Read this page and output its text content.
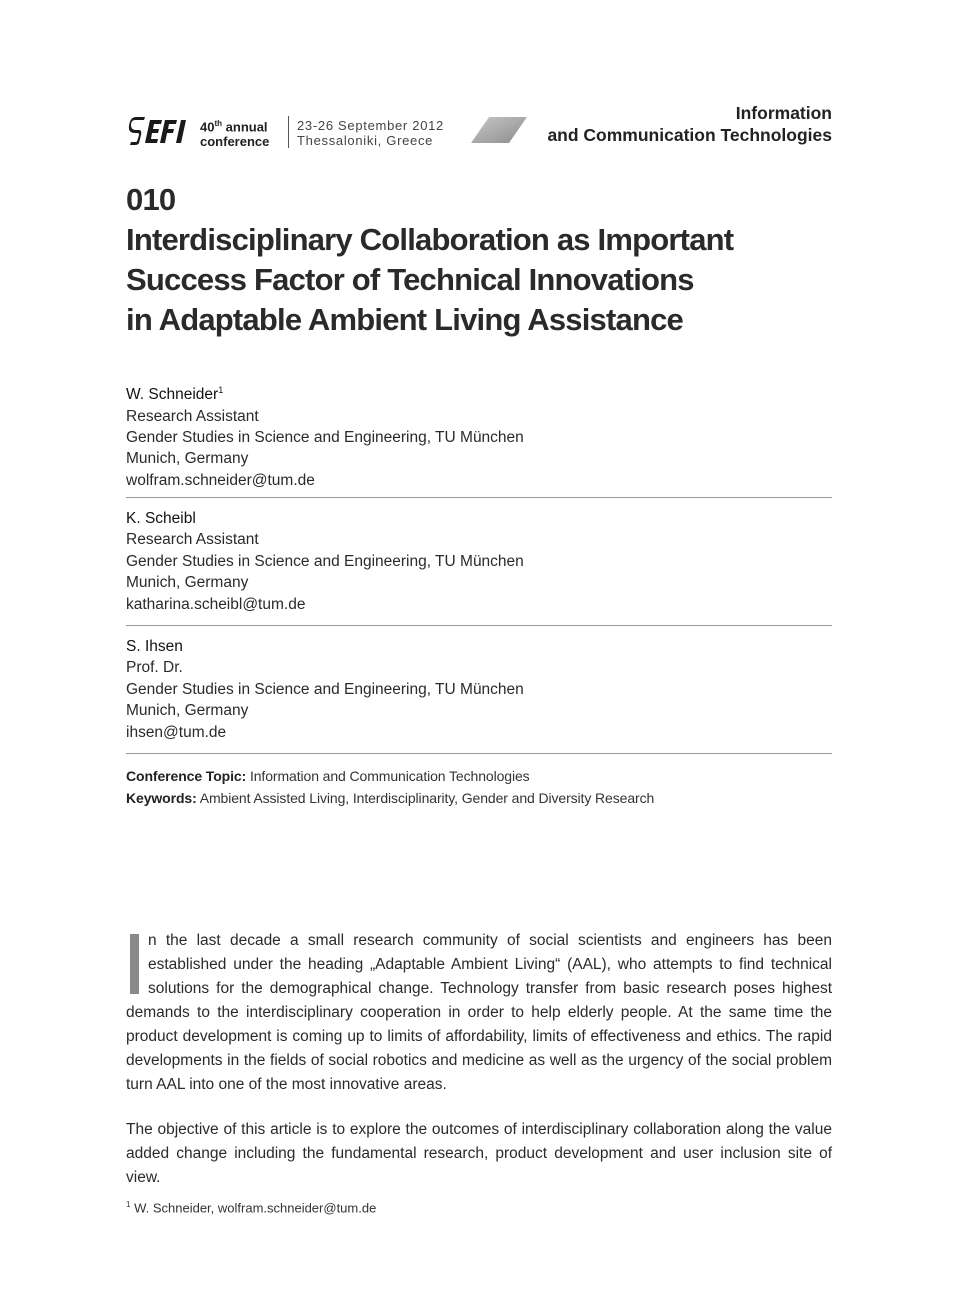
40th annual
conference
23-26 September 2012
Thessaloniki, Greece
Information
and Communication Technologies
010
Interdisciplinary Collaboration as Important
Success Factor of Technical Innovations
in Adaptable Ambient Living Assistance
W. Schneider$^1$
Research Assistant
Gender Studies in Science and Engineering, TU München
Munich, Germany
wolfram.schneider@tum.de
K. Scheibl
Research Assistant
Gender Studies in Science and Engineering, TU München
Munich, Germany
katharina.scheibl@tum.de
S. Ihsen
Prof. Dr.
Gender Studies in Science and Engineering, TU München
Munich, Germany
ihsen@tum.de
Conference Topic: Information and Communication Technologies
Keywords: Ambient Assisted Living, Interdisciplinarity, Gender and Diversity Research
n the last decade a small research community of social scientists and engineers has been established under the heading „Adaptable Ambient Living“ (AAL), who attempts to find technical solutions for the demographical change. Technology transfer from basic research poses highest demands to the interdisciplinary cooperation in order to help elderly people. At the same time the product development is coming up to limits of affordability, limits of effectiveness and ethics. The rapid developments in the fields of social robotics and medicine as well as the urgency of the social problem turn AAL into one of the most innovative areas.
The objective of this article is to explore the outcomes of interdisciplinary collaboration along the value added change including the fundamental research, product development and user inclusion site of view.
$^1$ W. Schneider, wolfram.schneider@tum.de
